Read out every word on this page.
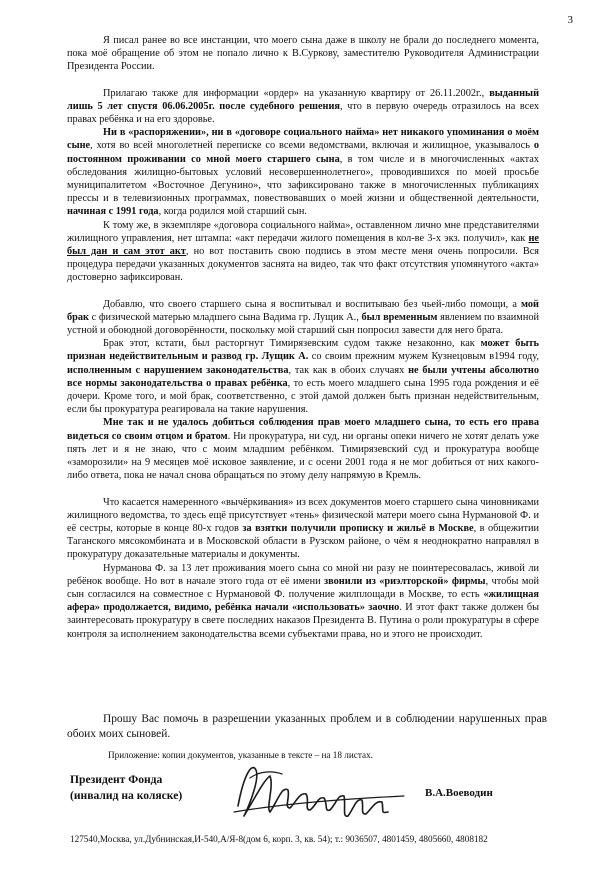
3

Я писал ранее во все инстанции, что моего сына даже в школу не брали до последнего момента, пока моё обращение об этом не попало лично к В.Суркову, заместителю Руководителя Администрации Президента России.

Прилагаю также для информации «ордер» на указанную квартиру от 26.11.2002г., выданный лишь 5 лет спустя 06.06.2005г. после судебного решения, что в первую очередь отразилось на всех правах ребёнка и на его здоровье.

Ни в «распоряжении», ни в «договоре социального найма» нет никакого упоминания о моём сыне, хотя во всей многолетней переписке со всеми ведомствами, включая и жилищное, указывалось о постоянном проживании со мной моего старшего сына, в том числе и в многочисленных «актах обследования жилищно-бытовых условий несовершеннолетнего», проводившихся по моей просьбе муниципалитетом «Восточное Дегунино», что зафиксировано также в многочисленных публикациях прессы и в телевизионных программах, повествовавших о моей жизни и общественной деятельности, начиная с 1991 года, когда родился мой старший сын.

К тому же, в экземпляре «договора социального найма», оставленном лично мне представителями жилищного управления, нет штампа: «акт передачи жилого помещения в кол-ве 3-х экз. получил», как не был дан и сам этот акт, но вот поставить свою подпись в этом месте меня очень попросили. Вся процедура передачи указанных документов заснята на видео, так что факт отсутствия упомянутого «акта» достоверно зафиксирован.

Добавлю, что своего старшего сына я воспитывал и воспитываю без чьей-либо помощи, а мой брак с физической матерью младшего сына Вадима гр. Лущик А., был временным явлением по взаимной устной и обоюдной договорённости, поскольку мой старший сын попросил завести для него брата.

Брак этот, кстати, был расторгнут Тимирязевским судом также незаконно, как может быть признан недействительным и развод гр. Лущик А. со своим прежним мужем Кузнецовым в1994 году, исполненным с нарушением законодательства, так как в обоих случаях не были учтены абсолютно все нормы законодательства о правах ребёнка, то есть моего младшего сына 1995 года рождения и её дочери. Кроме того, и мой брак, соответственно, с этой дамой должен быть признан недействительным, если бы прокуратура реагировала на такие нарушения.

Мне так и не удалось добиться соблюдения прав моего младшего сына, то есть его права видеться со своим отцом и братом. Ни прокуратура, ни суд, ни органы опеки ничего не хотят делать уже пять лет и я не знаю, что с моим младшим ребёнком. Тимирязевский суд и прокуратура вообще «заморозили» на 9 месяцев моё исковое заявление, и с осени 2001 года я не мог добиться от них какого-либо ответа, пока не начал снова обращаться по этому делу напрямую в Кремль.

Что касается намеренного «вычёркивания» из всех документов моего старшего сына чиновниками жилищного ведомства, то здесь ещё присутствует «тень» физической матери моего сына Нурмановой Ф. и её сестры, которые в конце 80-х годов за взятки получили прописку и жильё в Москве, в общежитии Таганского мясокомбината и в Московской области в Рузском районе, о чём я неоднократно направлял в прокуратуру доказательные материалы и документы.

Нурманова Ф. за 13 лет проживания моего сына со мной ни разу не поинтересовалась, живой ли ребёнок вообще. Но вот в начале этого года от её имени звонили из «риэлторской» фирмы, чтобы мой сын согласился на совместное с Нурмановой Ф. получение жилплощади в Москве, то есть «жилищная афера» продолжается, видимо, ребёнка начали «использовать» заочно. И этот факт также должен бы заинтересовать прокуратуру в свете последних наказов Президента В. Путина о роли прокуратуры в сфере контроля за исполнением законодательства всеми субъектами права, но и этого не происходит.

Прошу Вас помочь в разрешении указанных проблем и в соблюдении нарушенных прав обоих моих сыновей.
Приложение: копии документов, указанные в тексте – на 18 листах.
Президент Фонда
(инвалид на коляске)	В.А.Воеводин
127540,Москва, ул.Дубнинская,И-540,А/Я-8(дом 6, корп. 3, кв. 54); т.: 9036507, 4801459, 4805660, 4808182
